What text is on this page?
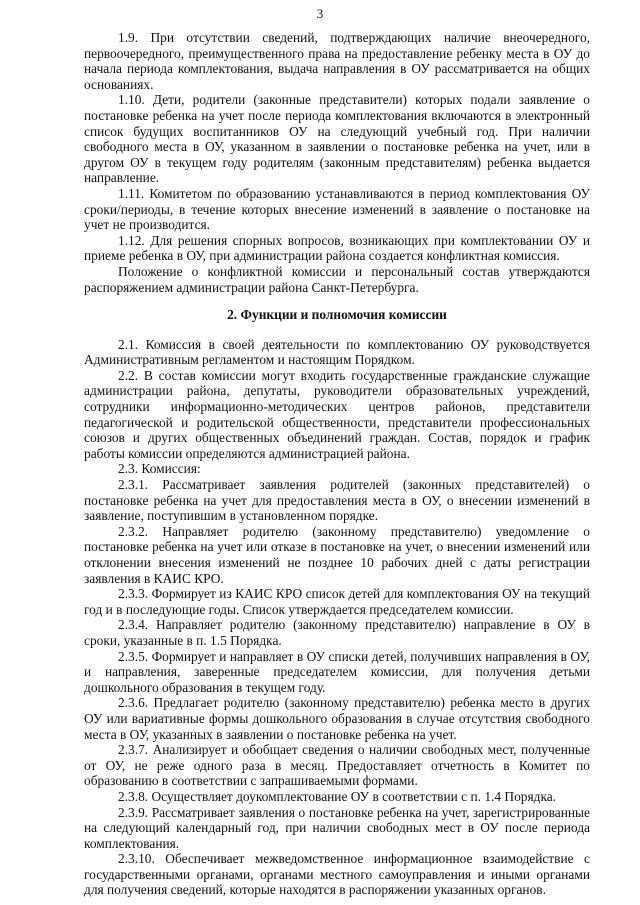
3

1.9. При отсутствии сведений, подтверждающих наличие внеочередного, первоочередного, преимущественного права на предоставление ребенку места в ОУ до начала периода комплектования, выдача направления в ОУ рассматривается на общих основаниях.

1.10. Дети, родители (законные представители) которых подали заявление о постановке ребенка на учет после периода комплектования включаются в электронный список будущих воспитанников ОУ на следующий учебный год. При наличии свободного места в ОУ, указанном в заявлении о постановке ребенка на учет, или в другом ОУ в текущем году родителям (законным представителям) ребенка выдается направление.

1.11. Комитетом по образованию устанавливаются в период комплектования ОУ сроки/периоды, в течение которых внесение изменений в заявление о постановке на учет не производится.

1.12. Для решения спорных вопросов, возникающих при комплектовании ОУ и приеме ребенка в ОУ, при администрации района создается конфликтная комиссия.

Положение о конфликтной комиссии и персональный состав утверждаются распоряжением администрации района Санкт-Петербурга.

2. Функции и полномочия комиссии

2.1. Комиссия в своей деятельности по комплектованию ОУ руководствуется Административным регламентом и настоящим Порядком.

2.2. В состав комиссии могут входить государственные гражданские служащие администрации района, депутаты, руководители образовательных учреждений, сотрудники информационно-методических центров районов, представители педагогической и родительской общественности, представители профессиональных союзов и других общественных объединений граждан. Состав, порядок и график работы комиссии определяются администрацией района.

2.3. Комиссия:

2.3.1. Рассматривает заявления родителей (законных представителей) о постановке ребенка на учет для предоставления места в ОУ, о внесении изменений в заявление, поступившим в установленном порядке.

2.3.2. Направляет родителю (законному представителю) уведомление о постановке ребенка на учет или отказе в постановке на учет, о внесении изменений или отклонении внесения изменений не позднее 10 рабочих дней с даты регистрации заявления в КАИС КРО.

2.3.3. Формирует из КАИС КРО список детей для комплектования ОУ на текущий год и в последующие годы. Список утверждается председателем комиссии.

2.3.4. Направляет родителю (законному представителю) направление в ОУ в сроки, указанные в п. 1.5 Порядка.

2.3.5. Формирует и направляет в ОУ списки детей, получивших направления в ОУ, и направления, заверенные председателем комиссии, для получения детьми дошкольного образования в текущем году.

2.3.6. Предлагает родителю (законному представителю) ребенка место в других ОУ или вариативные формы дошкольного образования в случае отсутствия свободного места в ОУ, указанных в заявлении о постановке ребенка на учет.

2.3.7. Анализирует и обобщает сведения о наличии свободных мест, полученные от ОУ, не реже одного раза в месяц. Предоставляет отчетность в Комитет по образованию в соответствии с запрашиваемыми формами.

2.3.8. Осуществляет доукомплектование ОУ в соответствии с п. 1.4 Порядка.

2.3.9. Рассматривает заявления о постановке ребенка на учет, зарегистрированные на следующий календарный год, при наличии свободных мест в ОУ после периода комплектования.

2.3.10. Обеспечивает межведомственное информационное взаимодействие с государственными органами, органами местного самоуправления и иными органами для получения сведений, которые находятся в распоряжении указанных органов.
